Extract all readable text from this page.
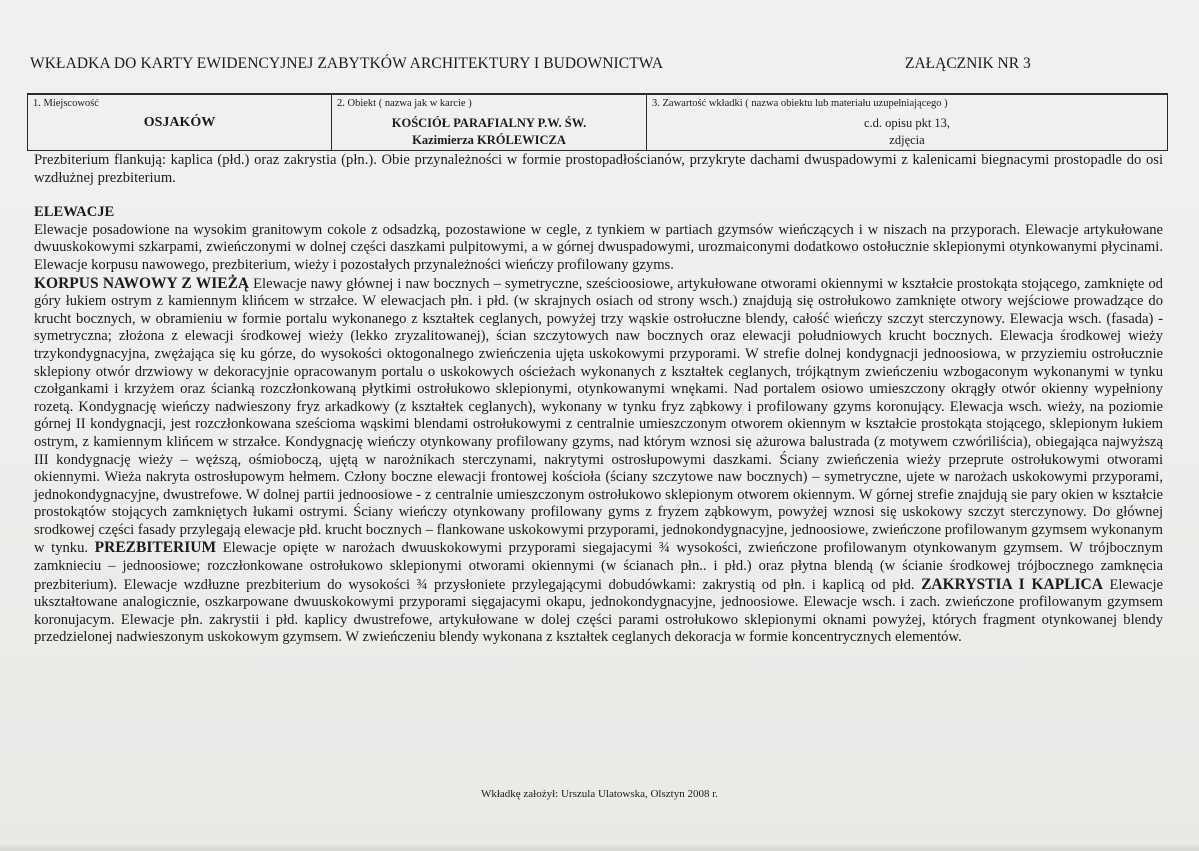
WKŁADKA DO KARTY EWIDENCYJNEJ ZABYTKÓW ARCHITEKTURY I BUDOWNICTWA	ZAŁĄCZNIK NR 3
1. Miejscowość
OSJAKÓW
2. Obiekt ( nazwa jak w karcie )
KOŚCIÓŁ PARAFIALNY P.W. ŚW.
Kazimierza KRÓLEWICZA
3. Zawartość wkładki ( nazwa obiektu lub materiału uzupełniającego )
c.d. opisu pkt 13,
zdjęcia

Prezbiterium flankują: kaplica (płd.) oraz zakrystia (płn.). Obie przynależności w formie prostopadłościanów, przykryte dachami dwuspadowymi z kalenicami biegnacymi prostopadle do osi wzdłużnej prezbiterium.

ELEWACJE

Elewacje posadowione na wysokim granitowym cokole z odsadzką, pozostawione w cegle, z tynkiem w partiach gzymsów wieńczących i w niszach na przyporach. Elewacje artykułowane dwuuskokowymi szkarpami, zwieńczonymi w dolnej części daszkami pulpitowymi, a w górnej dwuspadowymi, urozmaiconymi dodatkowo ostołucznie sklepionymi otynkowanymi płycinami. Elewacje korpusu nawowego, prezbiterium, wieży i pozostałych przynależności wieńczy profilowany gzyms.

KORPUS NAWOWY Z WIEŻĄ Elewacje nawy głównej i naw bocznych – symetryczne, sześcioosiowe, artykułowane otworami okiennymi w kształcie prostokąta stojącego, zamknięte od góry łukiem ostrym z kamiennym klińcem w strzałce. W elewacjach płn. i płd. (w skrajnych osiach od strony wsch.) znajdują się ostrołukowo zamknięte otwory wejściowe prowadzące do krucht bocznych, w obramieniu w formie portalu wykonanego z kształtek ceglanych, powyżej trzy wąskie ostrołuczne blendy, całość wieńczy szczyt sterczynowy. Elewacja wsch. (fasada) - symetryczna; złożona z elewacji środkowej wieży (lekko zryzalitowanej), ścian szczytowych naw bocznych oraz elewacji południowych krucht bocznych. Elewacja środkowej wieży trzykondygnacyjna, zwężająca się ku górze, do wysokości oktogonalnego zwieńczenia ujęta uskokowymi przyporami. W strefie dolnej kondygnacji jednoosiowa, w przyziemiu ostrołucznie sklepiony otwór drzwiowy w dekoracyjnie opracowanym portalu o uskokowych ościeżach wykonanych z kształtek ceglanych, trójkątnym zwieńczeniu wzbogaconym wykonanymi w tynku czołgankami i krzyżem oraz ścianką rozczłonkowaną płytkimi ostrołukowo sklepionymi, otynkowanymi wnękami. Nad portalem osiowo umieszczony okrągły otwór okienny wypełniony rozetą. Kondygnację wieńczy nadwieszony fryz arkadkowy (z kształtek ceglanych), wykonany w tynku fryz ząbkowy i profilowany gzyms koronujący. Elewacja wsch. wieży, na poziomie górnej II kondygnacji, jest rozczłonkowana sześcioma wąskimi blendami ostrołukowymi z centralnie umieszczonym otworem okiennym w kształcie prostokąta stojącego, sklepionym łukiem ostrym, z kamiennym klińcem w strzałce. Kondygnację wieńczy otynkowany profilowany gzyms, nad którym wznosi się ażurowa balustrada (z motywem czwóriliścia), obiegająca najwyższą III kondygnację wieży – węższą, ośmioboczą, ujętą w narożnikach sterczynami, nakrytymi ostrosłupowymi daszkami. Ściany zwieńczenia wieży przeprute ostrołukowymi otworami okiennymi. Wieża nakryta ostrosłupowym hełmem. Człony boczne elewacji frontowej kościoła (ściany szczytowe naw bocznych) – symetryczne, ujete w narożach uskokowymi przyporami, jednokondygnacyjne, dwustrefowe. W dolnej partii jednoosiowe - z centralnie umieszczonym ostrołukowo sklepionym otworem okiennym. W górnej strefie znajdują sie pary okien w kształcie prostokątów stojących zamkniętych łukami ostrymi. Ściany wieńczy otynkowany profilowany gyms z fryzem ząbkowym, powyżej wznosi się uskokowy szczyt sterczynowy. Do głównej srodkowej części fasady przylegają elewacje płd. krucht bocznych – flankowane uskokowymi przyporami, jednokondygnacyjne, jednoosiowe, zwieńczone profilowanym gzymsem wykonanym w tynku. PREZBITERIUM Elewacje opięte w narożach dwuuskokowymi przyporami siegajacymi ¾ wysokości, zwieńczone profilowanym otynkowanym gzymsem. W trójbocznym zamknieciu – jednoosiowe; rozczłonkowane ostrołukowo sklepionymi otworami okiennymi (w ścianach płn.. i płd.) oraz płytna blendą (w ścianie środkowej trójbocznego zamknęcia prezbiterium). Elewacje wzdłuzne prezbiterium do wysokości ¾ przysłoniete przylegającymi dobudówkami: zakrystią od płn. i kaplicą od płd. ZAKRYSTIA I KAPLICA Elewacje ukształtowane analogicznie, oszkarpowane dwuuskokowymi przyporami sięgajacymi okapu, jednokondygnacyjne, jednoosiowe. Elewacje wsch. i zach. zwieńczone profilowanym gzymsem koronujacym. Elewacje płn. zakrystii i płd. kaplicy dwustrefowe, artykułowane w dolej części parami ostrołukowo sklepionymi oknami powyżej, których fragment otynkowanej blendy przedzielonej nadwieszonym uskokowym gzymsem. W zwieńczeniu blendy wykonana z kształtek ceglanych dekoracja w formie koncentrycznych elementów.

Wkładkę założył: Urszula Ulatowska, Olsztyn 2008 r.
